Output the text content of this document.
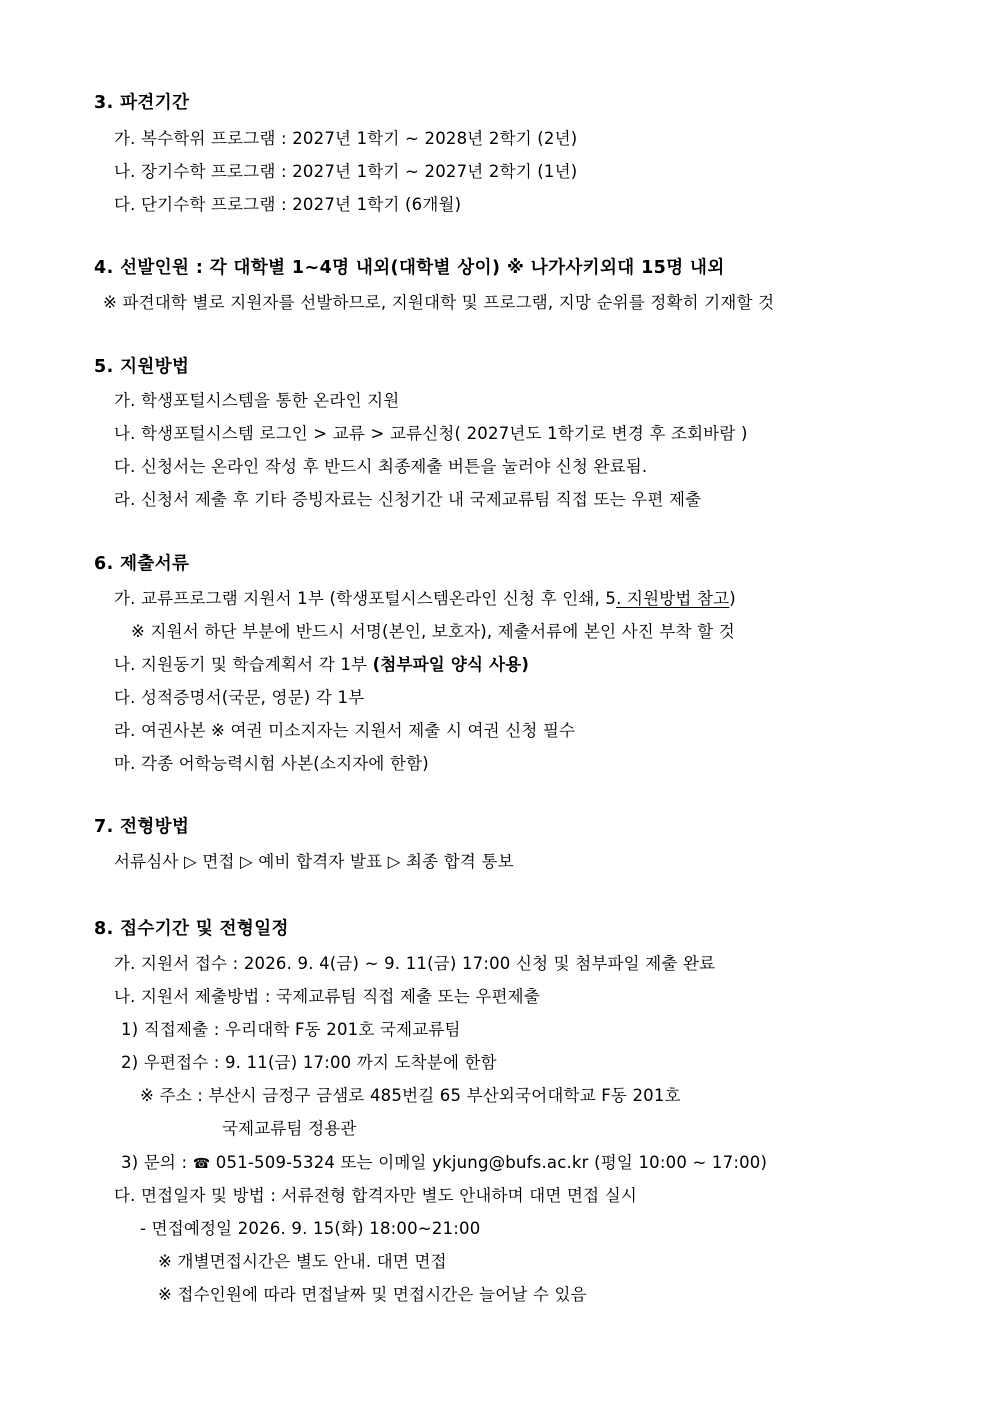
3. 파견기간
가. 복수학위 프로그램 : 2027년 1학기 ~ 2028년 2학기 (2년)
나. 장기수학 프로그램 : 2027년 1학기 ~ 2027년 2학기 (1년)
다. 단기수학 프로그램 : 2027년 1학기 (6개월)
4. 선발인원 : 각 대학별 1~4명 내외(대학별 상이) ※ 나가사키외대 15명 내외
※ 파견대학 별로 지원자를 선발하므로, 지원대학 및 프로그램, 지망 순위를 정확히 기재할 것
5. 지원방법
가. 학생포털시스템을 통한 온라인 지원
나. 학생포털시스템 로그인 > 교류 > 교류신청( 2027년도 1학기로 변경 후 조회바람 )
다. 신청서는 온라인 작성 후 반드시 최종제출 버튼을 눌러야 신청 완료됨.
라. 신청서 제출 후 기타 증빙자료는 신청기간 내 국제교류팀 직접 또는 우편 제출
6. 제출서류
가. 교류프로그램 지원서 1부 (학생포털시스템온라인 신청 후 인쇄, 5. 지원방법 참고)
※ 지원서 하단 부분에 반드시 서명(본인, 보호자), 제출서류에 본인 사진 부착 할 것
나. 지원동기 및 학습계획서 각 1부 (첨부파일 양식 사용)
다. 성적증명서(국문, 영문) 각 1부
라. 여권사본 ※ 여권 미소지자는 지원서 제출 시 여권 신청 필수
마. 각종 어학능력시험 사본(소지자에 한함)
7. 전형방법
서류심사 ▷ 면접 ▷ 예비 합격자 발표 ▷ 최종 합격 통보
8. 접수기간 및 전형일정
가. 지원서 접수 : 2026. 9. 4(금) ~ 9. 11(금) 17:00 신청 및 첨부파일 제출 완료
나. 지원서 제출방법 : 국제교류팀 직접 제출 또는 우편제출
1) 직접제출 : 우리대학 F동 201호 국제교류팀
2) 우편접수 : 9. 11(금) 17:00 까지 도착분에 한함
※ 주소 : 부산시 금정구 금샘로 485번길 65 부산외국어대학교 F동 201호
국제교류팀 정용관
3) 문의 : ☎ 051-509-5324 또는 이메일 ykjung@bufs.ac.kr (평일 10:00 ~ 17:00)
다. 면접일자 및 방법 : 서류전형 합격자만 별도 안내하며 대면 면접 실시
- 면접예정일 2026. 9. 15(화) 18:00~21:00
※ 개별면접시간은 별도 안내. 대면 면접
※ 접수인원에 따라 면접날짜 및 면접시간은 늘어날 수 있음
